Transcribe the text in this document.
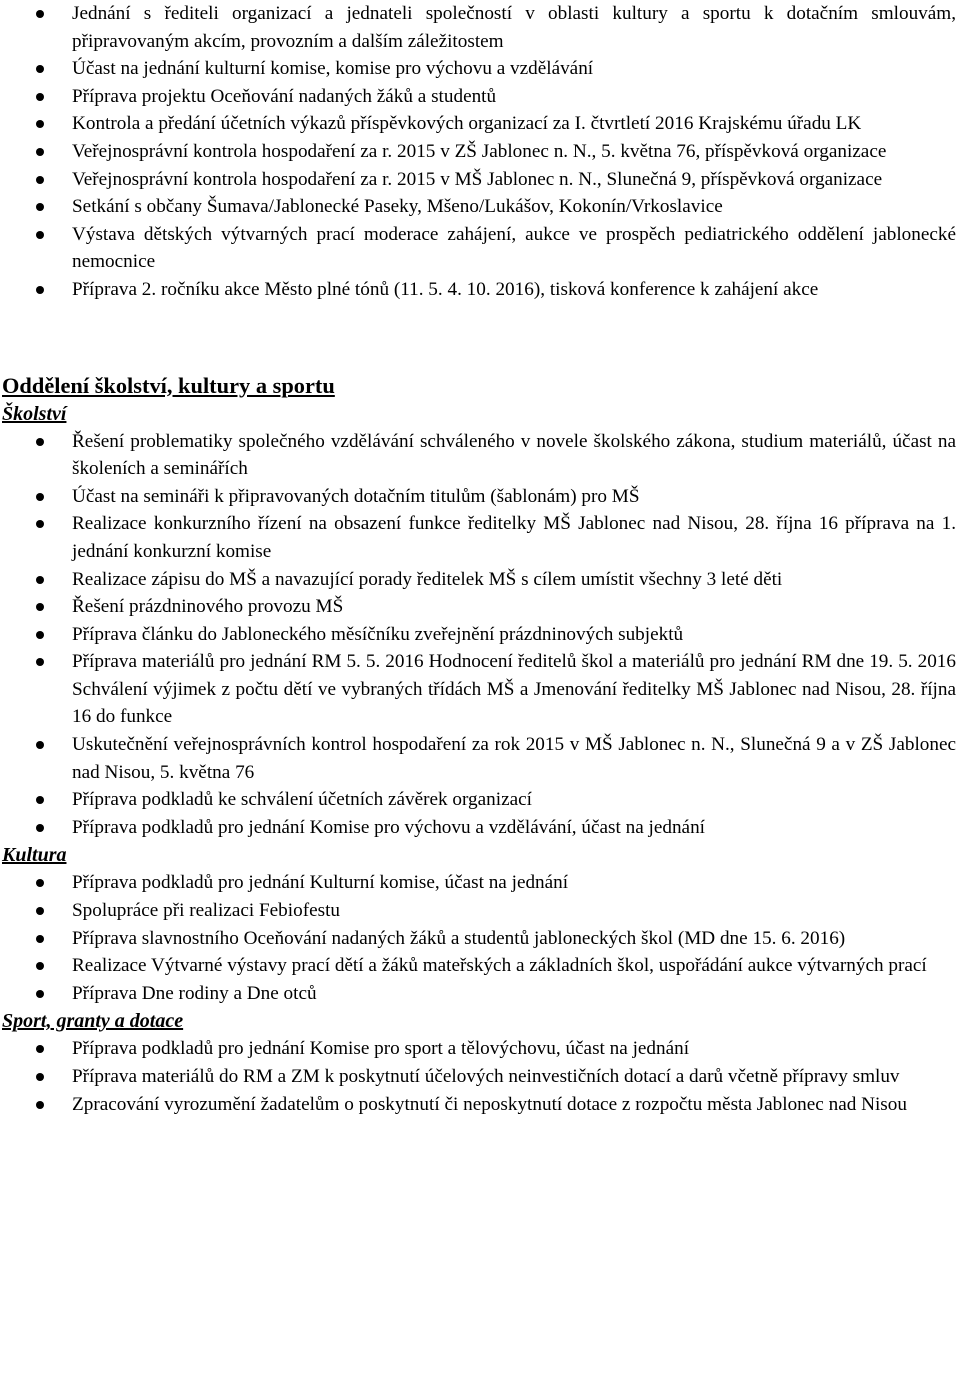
Jednání s řediteli organizací a jednateli společností v oblasti kultury a sportu k dotačním smlouvám, připravovaným akcím, provozním a dalším záležitostem
Účast na jednání kulturní komise, komise pro výchovu a vzdělávání
Příprava projektu Oceňování nadaných žáků a studentů
Kontrola a předání účetních výkazů příspěvkových organizací za I. čtvrtletí 2016 Krajskému úřadu LK
Veřejnosprávní kontrola hospodaření za r. 2015 v ZŠ Jablonec n. N., 5. května 76, příspěvková organizace
Veřejnosprávní kontrola hospodaření za r. 2015 v MŠ Jablonec n. N., Slunečná 9, příspěvková organizace
Setkání s občany Šumava/Jablonecké Paseky, Mšeno/Lukášov, Kokonín/Vrkoslavice
Výstava dětských výtvarných prací moderace zahájení, aukce ve prospěch pediatrického oddělení jablonecké nemocnice
Příprava 2. ročníku akce Město plné tónů (11. 5. 4. 10. 2016), tisková konference k zahájení akce
Oddělení školství, kultury a sportu
Školství
Řešení problematiky společného vzdělávání schváleného v novele školského zákona, studium materiálů, účast na školeních a seminářích
Účast na semináři k připravovaných dotačním titulům (šablonám) pro MŠ
Realizace konkurzního řízení na obsazení funkce ředitelky MŠ Jablonec nad Nisou, 28. října 16 příprava na 1. jednání konkurzní komise
Realizace zápisu do MŠ a navazující porady ředitelek MŠ s cílem umístit všechny 3 leté děti
Řešení prázdninového provozu MŠ
Příprava článku do Jabloneckého měsíčníku zveřejnění prázdninových subjektů
Příprava materiálů pro jednání RM 5. 5. 2016 Hodnocení ředitelů škol a materiálů pro jednání RM dne 19. 5. 2016 Schválení výjimek z počtu dětí ve vybraných třídách MŠ a Jmenování ředitelky MŠ Jablonec nad Nisou, 28. října 16 do funkce
Uskutečnění veřejnosprávních kontrol hospodaření za rok 2015 v MŠ Jablonec n. N., Slunečná 9 a v ZŠ Jablonec nad Nisou, 5. května 76
Příprava podkladů ke schválení účetních závěrek organizací
Příprava podkladů pro jednání Komise pro výchovu a vzdělávání, účast na jednání
Kultura
Příprava podkladů pro jednání Kulturní komise, účast na jednání
Spolupráce při realizaci Febiofestu
Příprava slavnostního Oceňování nadaných žáků a studentů jabloneckých škol (MD dne 15. 6. 2016)
Realizace Výtvarné výstavy prací dětí a žáků mateřských a základních škol, uspořádání aukce výtvarných prací
Příprava Dne rodiny a Dne otců
Sport, granty a dotace
Příprava podkladů pro jednání Komise pro sport a tělovýchovu, účast na jednání
Příprava materiálů do RM a ZM k poskytnutí účelových neinvestičních dotací a darů včetně přípravy smluv
Zpracování vyrozumění žadatelům o poskytnutí či neposkytnutí dotace z rozpočtu města Jablonec nad Nisou
